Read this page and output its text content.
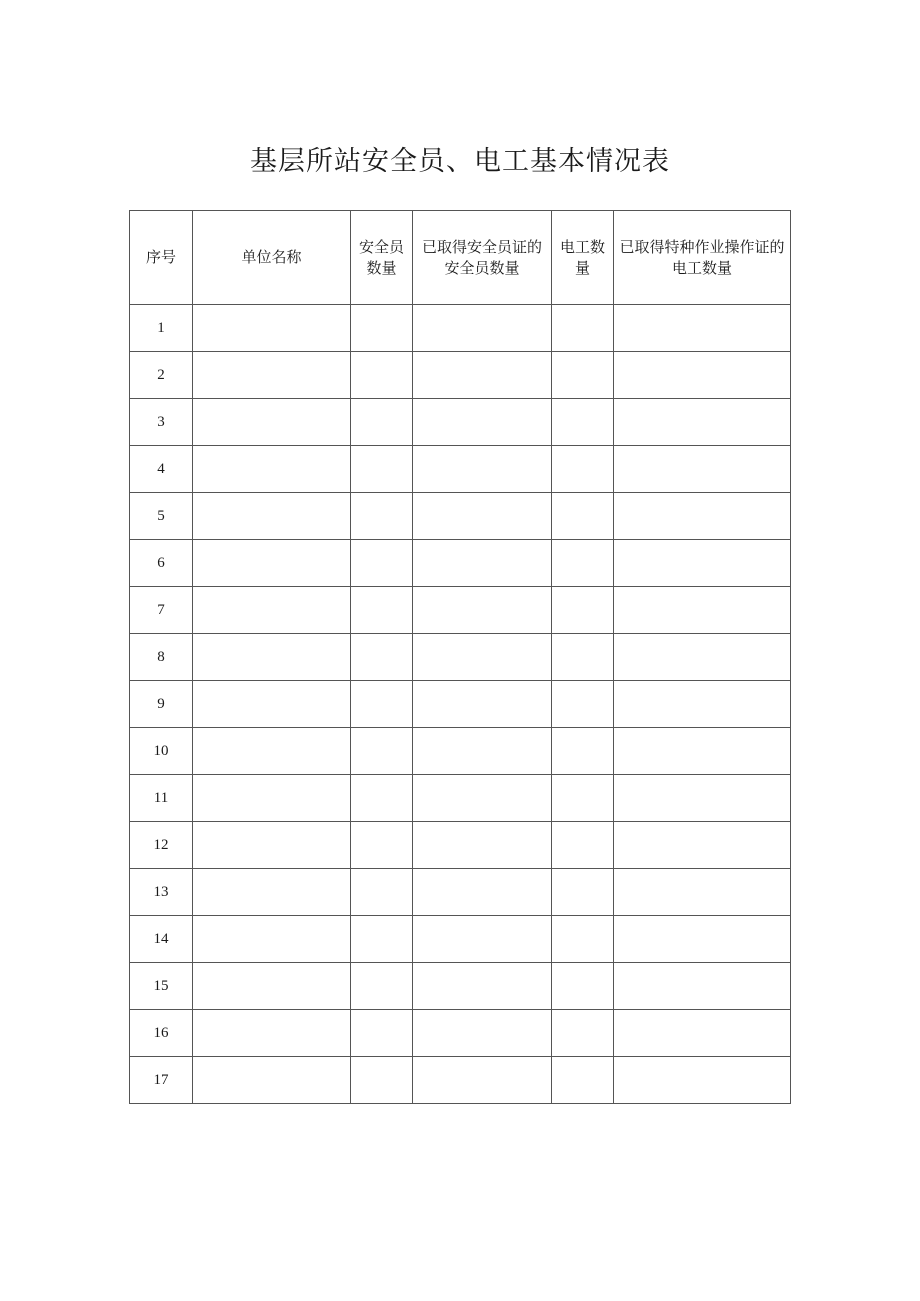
基层所站安全员、电工基本情况表
序号	单位名称	安全员数量	已取得安全员证的安全员数量	电工数量	已取得特种作业操作证的电工数量

1					
2					
3					
4					
5					
6					
7					
8					
9					
10					
11					
12					
13					
14					
15					
16					
17					
